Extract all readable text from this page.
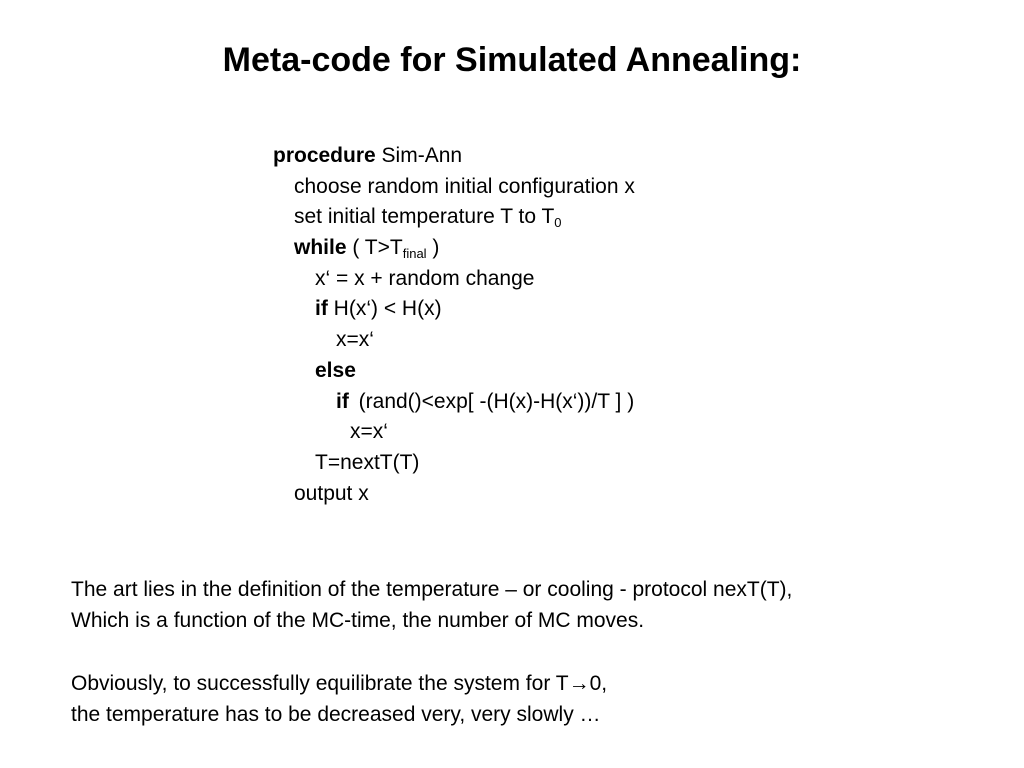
Meta-code for Simulated Annealing:
procedure Sim-Ann
choose random initial configuration x
set initial temperature T to $T_0$
while ( $T>T_{final}$ )
x‘ = x + random change
if H(x‘) < H(x)
x=x‘
else
if (rand()<exp[ -(H(x)-H(x‘))/T ] )
x=x‘
T=nextT(T)
output x
The art lies in the definition of the temperature – or cooling - protocol nexT(T),
Which is a function of the MC-time, the number of MC moves.
Obviously, to successfully equilibrate the system for T→0,
the temperature has to be decreased very, very slowly …
